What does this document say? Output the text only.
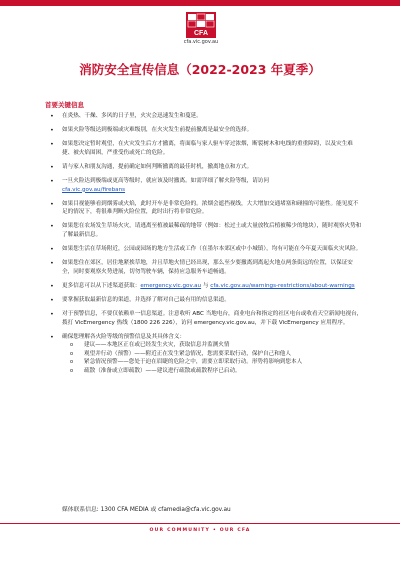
CFA
cfa.vic.gov.au
消防安全宣传信息（2022-2023 年夏季）
首要关键信息
• 在炎热、干燥、多风的日子里，火灾会迅速发生和蔓延。
• 如果火险等级达到极端或灾难级别，在火灾发生前提前撤离是最安全的选择。
• 如果您决定暂时观望，在火灾发生后方才撤离，将面临与家人驱车穿过浓烟，断裂树木和电线的重重障碍，以及灾生难捷、被火焰围困，严重受伤或死亡的危险。
• 请与家人和朋友沟通，提前确定如何判断撤离的最佳时机，撤离地点和方式。
• 一旦火险达到极端或更高等级时，就应该及时撤离。如需详细了解火险等级，请访问
cfa.vic.gov.au/firebans
• 如果目视能够看到烟雾或火焰，此时开车是非常危险的。浓烟会遮挡视线，大大增加交通堵塞和碰撞的可能性。能见度不足的情况下，将很难判断火险位置，此时出行将非常危险。
• 如果您在农场发生草场火灾，请逃离至植被最稀疏的地带（例如：松过土或大量放牧后植被稀少的地块），随时观察火势和了解最新信息。
• 如果您生活在草场附近，公园或园场的地方生活或工作（在墨尔本郊区或中小城镇），均有可能在今年夏天面临火灾风险。
• 如果您住在郊区，居住地紧挨草地，并且草地火情已经出现，那么至少要撤离到离起火地点两条街远的位置，以保证安全，同时要观察火势进展，切勿驾驶车辆，保持应急服务车道畅通。
• 更多信息可以从下述渠道获取：emergency.vic.gov.au 与 cfa.vic.gov.au/warnings-restrictions/about-warnings
• 要掌握获取最新信息的渠道，并选择了解对自己最有用的信息渠道。
• 对于预警信息，不要仅依赖单一信息渠道。注意收听 ABC 当地电台，商业电台和指定的社区电台或收看天空新闻电视台，拨打 VicEmergency 热线（1800 226 226），访问 emergency.vic.gov.au，并下载 VicEmergency 应用程序。
• 确保您理解各火险等级的预警信息及其具体含义：
o 建议——本地区正在或已经发生火灾，获取信息并监测火情
o 观望并行动（预警）——附近正在发生紧急情况，您需要采取行动，保护自己和他人
o 紧急情况预警——您处于迫在眉睫的危险之中，需要立即采取行动。形势将影响到您本人
o 疏散（准备或立即疏散）——建议进行疏散或疏散程序已启动。
媒体联系信息: 1300 CFA MEDIA 或 cfamedia@cfa.vic.gov.au
OUR COMMUNITY • OUR CFA
